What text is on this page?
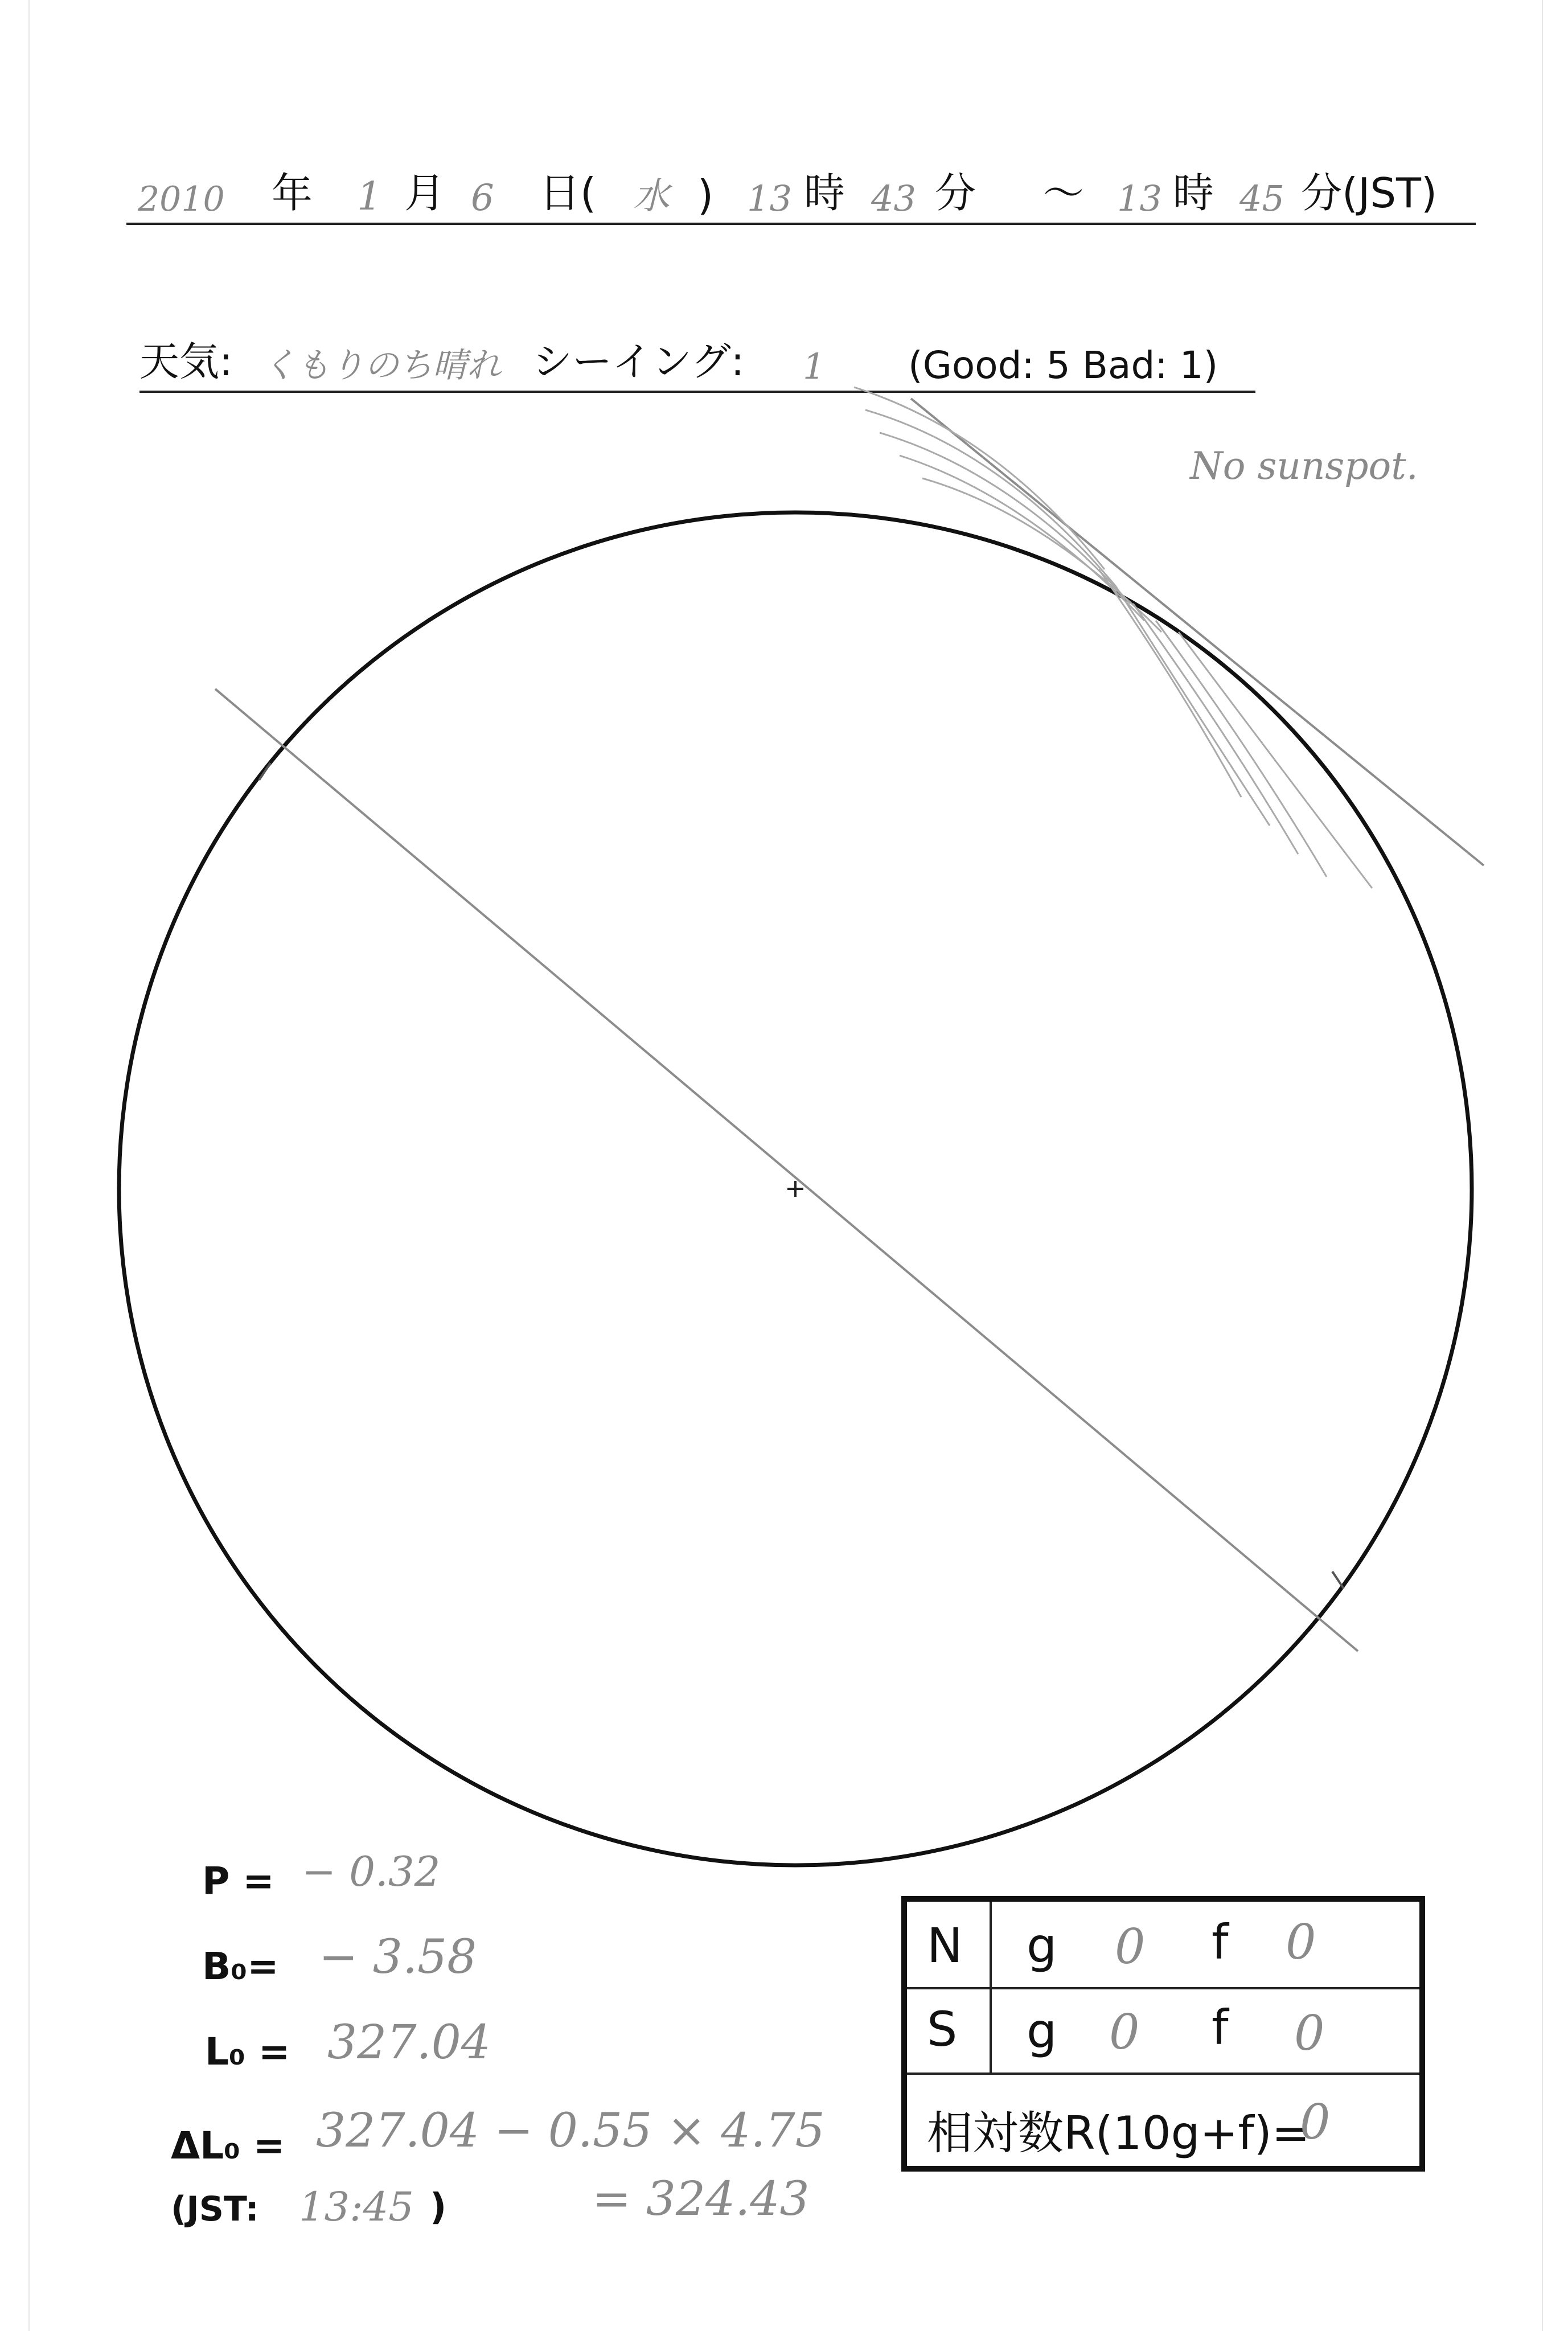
2010 年 1 月 6 日( 水 ) 13 時 43 分 〜 13 時 45 分(JST)
天気: くもりのち晴れ シーイング: 1 (Good: 5 Bad: 1)
No sunspot.
P = − 0.32
B₀= − 3.58
L₀ = 327.04
ΔL₀ = 327.04 − 0.55 × 4.75
(JST: 13:45 )	= 324.43
N g 0 f 0
S g 0 f 0
相対数R(10g+f)=
0
